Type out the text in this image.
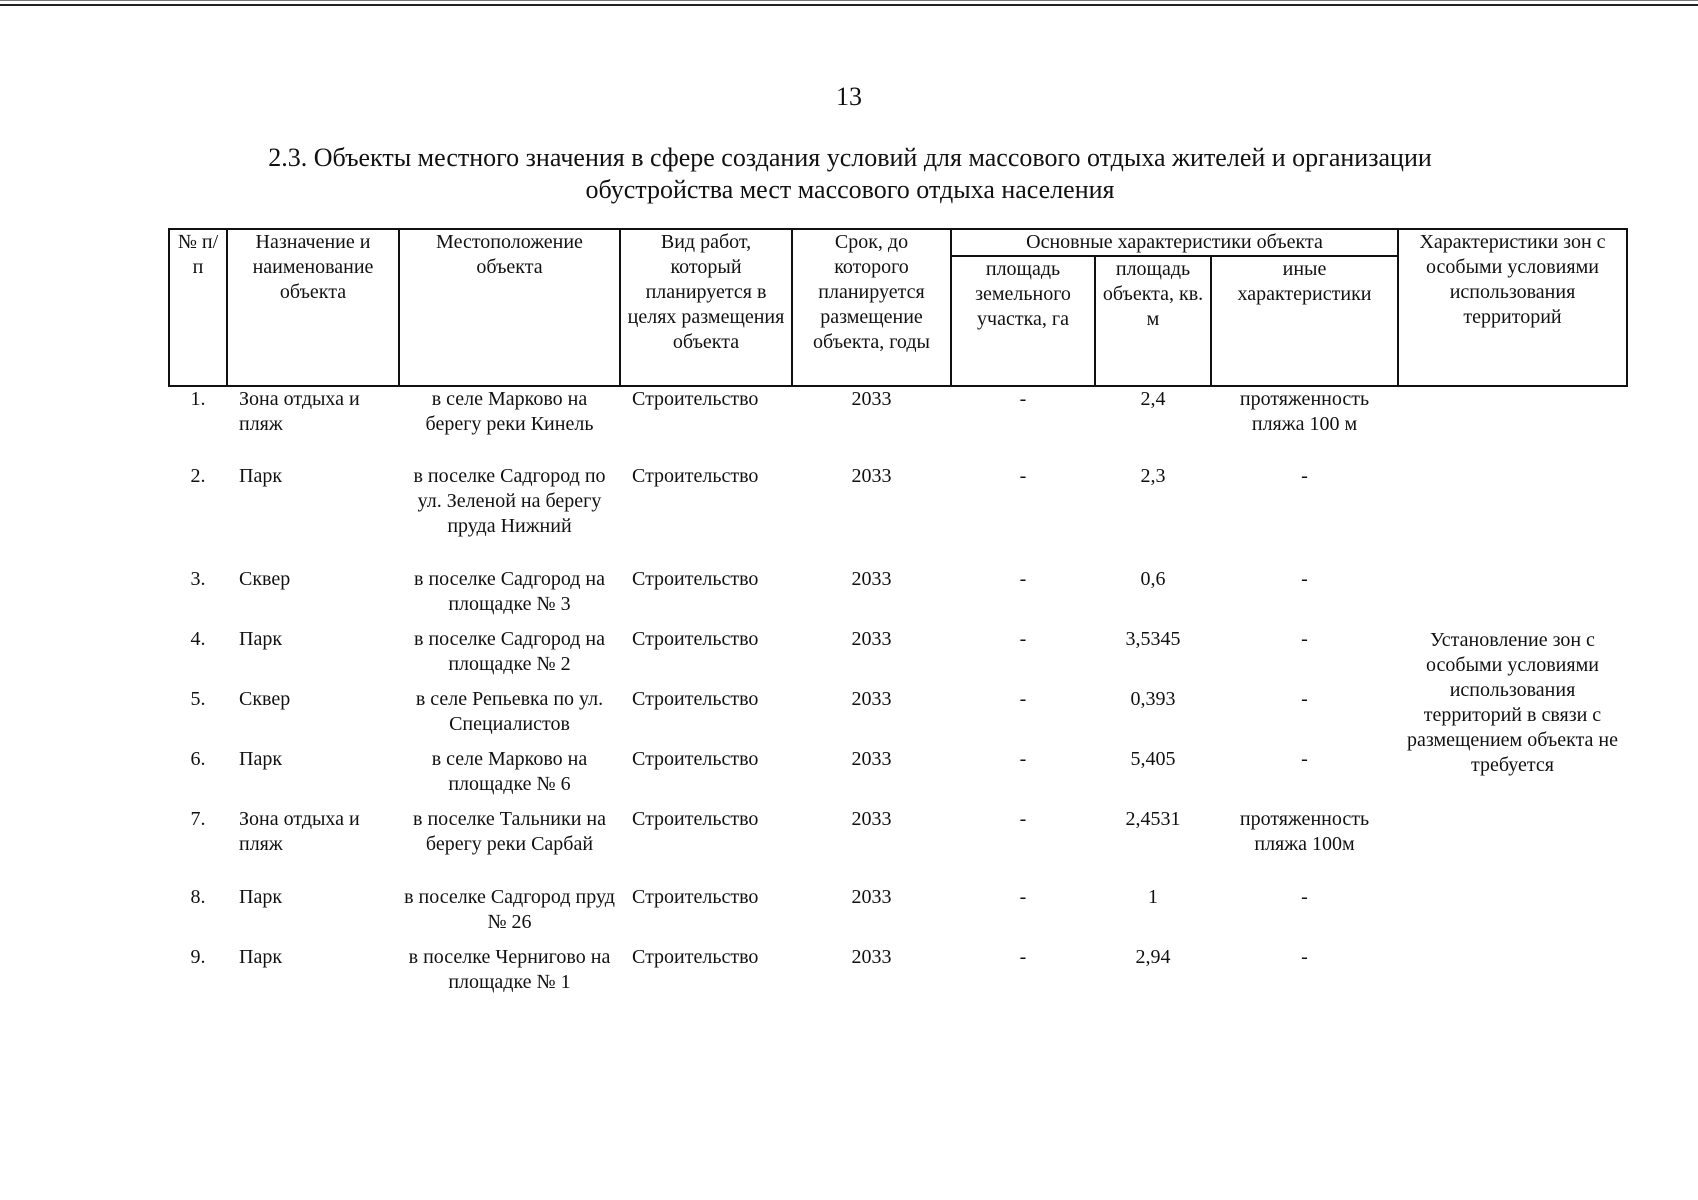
13
2.3. Объекты местного значения в сфере создания условий для массового отдыха жителей и организации обустройства мест массового отдыха населения
№ п/п	Назначение и наименование объекта	Местоположение объекта	Вид работ, который планируется в целях размещения объекта	Срок, до которого планируется размещение объекта, годы	Основные характеристики объекта			Характеристики зон с особыми условиями использования территорий
					площадь земельного участка, га	площадь объекта, кв. м	иные характеристики	
1.	Зона отдыха и пляж	в селе Марково на берегу реки Кинель	Строительство	2033	-	2,4	протяженность пляжа 100 м	Установление зон с особыми условиями использования территорий в связи с размещением объекта не требуется
2.	Парк	в поселке Садгород по ул. Зеленой на берегу пруда Нижний	Строительство	2033	-	2,3	-	
3.	Сквер	в поселке Садгород на площадке № 3	Строительство	2033	-	0,6	-	
4.	Парк	в поселке Садгород на площадке № 2	Строительство	2033	-	3,5345	-	
5.	Сквер	в селе Репьевка по ул. Специалистов	Строительство	2033	-	0,393	-	
6.	Парк	в селе Марково на площадке № 6	Строительство	2033	-	5,405	-	
7.	Зона отдыха и пляж	в поселке Тальники на берегу реки Сарбай	Строительство	2033	-	2,4531	протяженность пляжа 100м	
8.	Парк	в поселке Садгород пруд № 26	Строительство	2033	-	1	-	
9.	Парк	в поселке Черниговo на площадке № 1	Строительство	2033	-	2,94	-	
